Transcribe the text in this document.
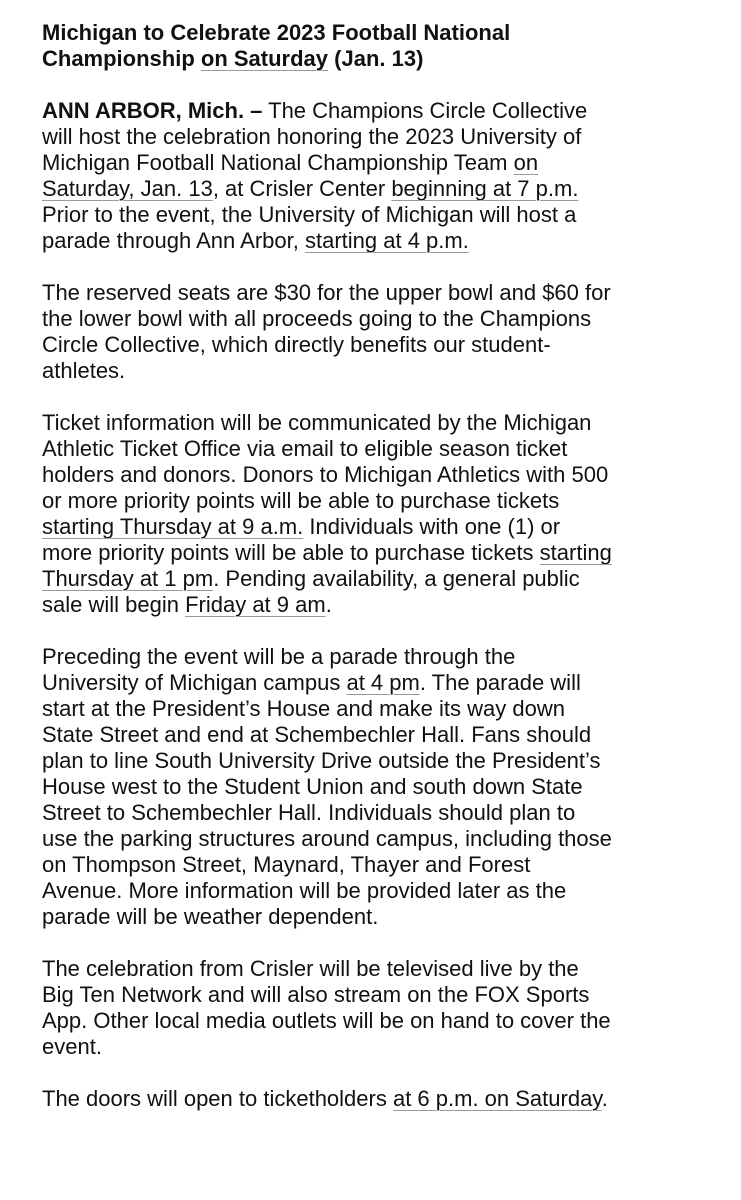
Michigan to Celebrate 2023 Football National
Championship on Saturday (Jan. 13)
ANN ARBOR, Mich. – The Champions Circle Collective
will host the celebration honoring the 2023 University of
Michigan Football National Championship Team on
Saturday, Jan. 13, at Crisler Center beginning at 7 p.m.
Prior to the event, the University of Michigan will host a
parade through Ann Arbor, starting at 4 p.m.
The reserved seats are $30 for the upper bowl and $60 for
the lower bowl with all proceeds going to the Champions
Circle Collective, which directly benefits our student-
athletes.
Ticket information will be communicated by the Michigan
Athletic Ticket Office via email to eligible season ticket
holders and donors. Donors to Michigan Athletics with 500
or more priority points will be able to purchase tickets
starting Thursday at 9 a.m. Individuals with one (1) or
more priority points will be able to purchase tickets starting
Thursday at 1 pm. Pending availability, a general public
sale will begin Friday at 9 am.
Preceding the event will be a parade through the
University of Michigan campus at 4 pm. The parade will
start at the President’s House and make its way down
State Street and end at Schembechler Hall. Fans should
plan to line South University Drive outside the President’s
House west to the Student Union and south down State
Street to Schembechler Hall. Individuals should plan to
use the parking structures around campus, including those
on Thompson Street, Maynard, Thayer and Forest
Avenue. More information will be provided later as the
parade will be weather dependent.
The celebration from Crisler will be televised live by the
Big Ten Network and will also stream on the FOX Sports
App. Other local media outlets will be on hand to cover the
event.
The doors will open to ticketholders at 6 p.m. on Saturday.
